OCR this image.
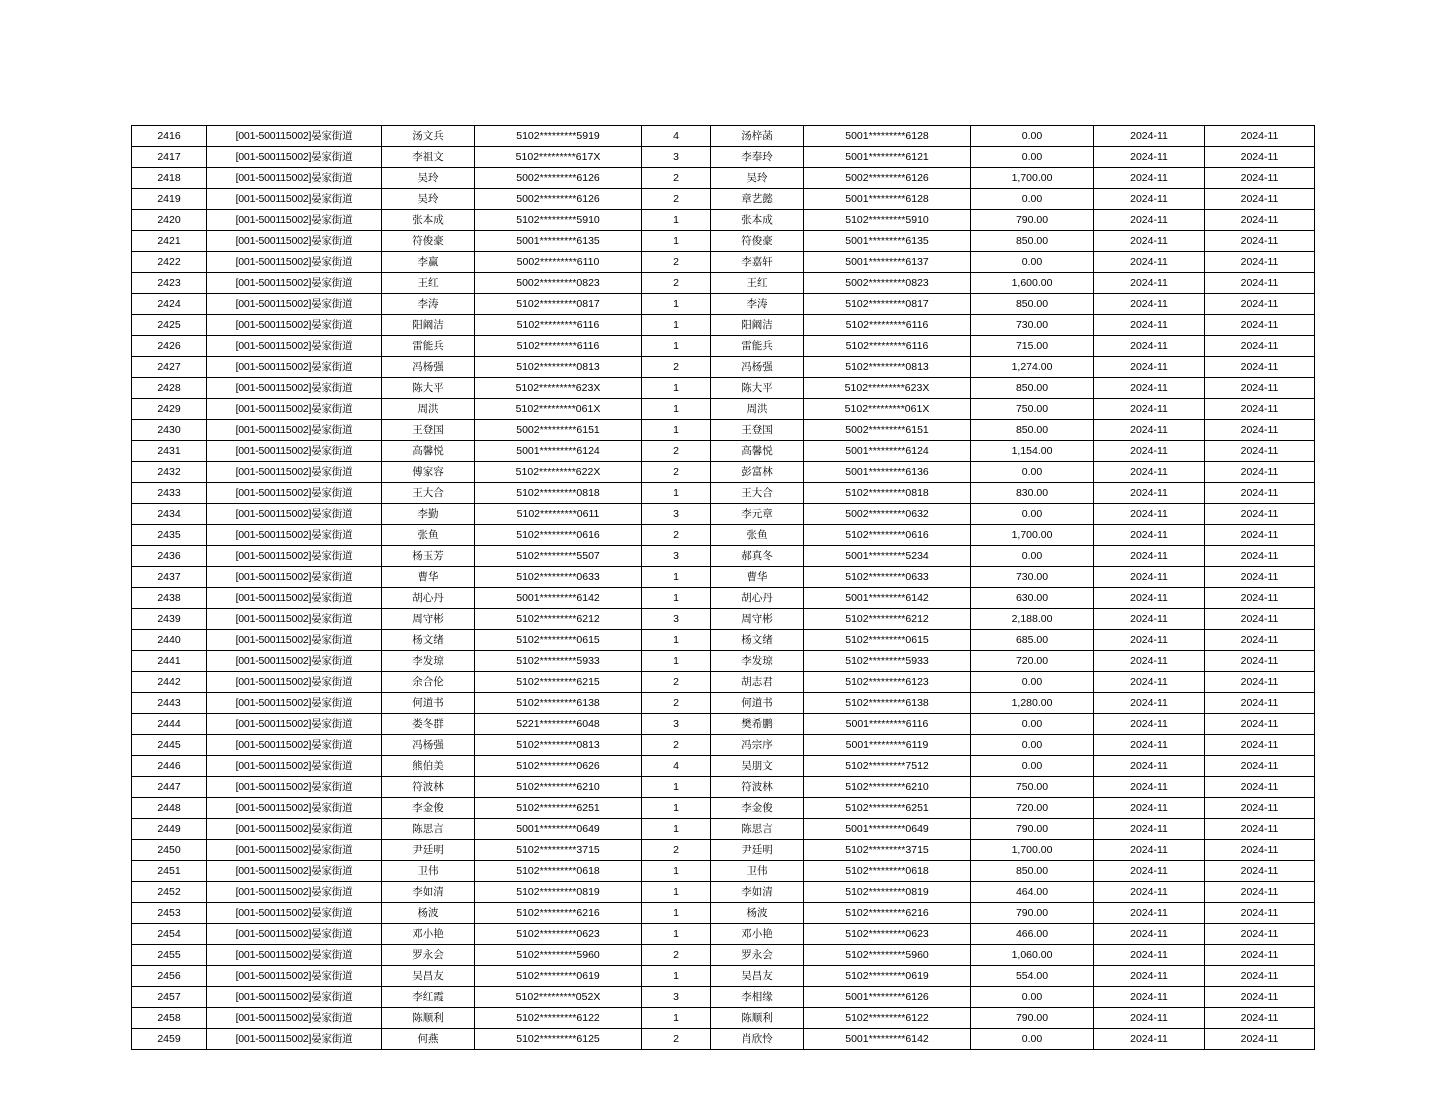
2416	[001-500115002]晏家街道	汤文兵	5102*********5919	4	汤梓菡	5001*********6128	0.00	2024-11	2024-11
2417	[001-500115002]晏家街道	李祖文	5102*********617X	3	李奉玲	5001*********6121	0.00	2024-11	2024-11
2418	[001-500115002]晏家街道	吴玲	5002*********6126	2	吴玲	5002*********6126	1,700.00	2024-11	2024-11
2419	[001-500115002]晏家街道	吴玲	5002*********6126	2	章艺懿	5001*********6128	0.00	2024-11	2024-11
2420	[001-500115002]晏家街道	张本成	5102*********5910	1	张本成	5102*********5910	790.00	2024-11	2024-11
2421	[001-500115002]晏家街道	符俊豪	5001*********6135	1	符俊豪	5001*********6135	850.00	2024-11	2024-11
2422	[001-500115002]晏家街道	李赢	5002*********6110	2	李嘉轩	5001*********6137	0.00	2024-11	2024-11
2423	[001-500115002]晏家街道	王红	5002*********0823	2	王红	5002*********0823	1,600.00	2024-11	2024-11
2424	[001-500115002]晏家街道	李涛	5102*********0817	1	李涛	5102*********0817	850.00	2024-11	2024-11
2425	[001-500115002]晏家街道	阳阚洁	5102*********6116	1	阳阚洁	5102*********6116	730.00	2024-11	2024-11
2426	[001-500115002]晏家街道	雷能兵	5102*********6116	1	雷能兵	5102*********6116	715.00	2024-11	2024-11
2427	[001-500115002]晏家街道	冯杨强	5102*********0813	2	冯杨强	5102*********0813	1,274.00	2024-11	2024-11
2428	[001-500115002]晏家街道	陈大平	5102*********623X	1	陈大平	5102*********623X	850.00	2024-11	2024-11
2429	[001-500115002]晏家街道	周洪	5102*********061X	1	周洪	5102*********061X	750.00	2024-11	2024-11
2430	[001-500115002]晏家街道	王登国	5002*********6151	1	王登国	5002*********6151	850.00	2024-11	2024-11
2431	[001-500115002]晏家街道	高馨悦	5001*********6124	2	高馨悦	5001*********6124	1,154.00	2024-11	2024-11
2432	[001-500115002]晏家街道	傅家容	5102*********622X	2	彭富林	5001*********6136	0.00	2024-11	2024-11
2433	[001-500115002]晏家街道	王大合	5102*********0818	1	王大合	5102*********0818	830.00	2024-11	2024-11
2434	[001-500115002]晏家街道	李勤	5102*********0611	3	李元章	5002*********0632	0.00	2024-11	2024-11
2435	[001-500115002]晏家街道	张鱼	5102*********0616	2	张鱼	5102*********0616	1,700.00	2024-11	2024-11
2436	[001-500115002]晏家街道	杨玉芳	5102*********5507	3	郝真冬	5001*********5234	0.00	2024-11	2024-11
2437	[001-500115002]晏家街道	曹华	5102*********0633	1	曹华	5102*********0633	730.00	2024-11	2024-11
2438	[001-500115002]晏家街道	胡心丹	5001*********6142	1	胡心丹	5001*********6142	630.00	2024-11	2024-11
2439	[001-500115002]晏家街道	周守彬	5102*********6212	3	周守彬	5102*********6212	2,188.00	2024-11	2024-11
2440	[001-500115002]晏家街道	杨文绪	5102*********0615	1	杨文绪	5102*********0615	685.00	2024-11	2024-11
2441	[001-500115002]晏家街道	李发琼	5102*********5933	1	李发琼	5102*********5933	720.00	2024-11	2024-11
2442	[001-500115002]晏家街道	余合伦	5102*********6215	2	胡志君	5102*********6123	0.00	2024-11	2024-11
2443	[001-500115002]晏家街道	何道书	5102*********6138	2	何道书	5102*********6138	1,280.00	2024-11	2024-11
2444	[001-500115002]晏家街道	娄冬群	5221*********6048	3	樊希鹏	5001*********6116	0.00	2024-11	2024-11
2445	[001-500115002]晏家街道	冯杨强	5102*********0813	2	冯宗序	5001*********6119	0.00	2024-11	2024-11
2446	[001-500115002]晏家街道	熊伯美	5102*********0626	4	吴朋文	5102*********7512	0.00	2024-11	2024-11
2447	[001-500115002]晏家街道	符波林	5102*********6210	1	符波林	5102*********6210	750.00	2024-11	2024-11
2448	[001-500115002]晏家街道	李金俊	5102*********6251	1	李金俊	5102*********6251	720.00	2024-11	2024-11
2449	[001-500115002]晏家街道	陈思言	5001*********0649	1	陈思言	5001*********0649	790.00	2024-11	2024-11
2450	[001-500115002]晏家街道	尹廷明	5102*********3715	2	尹廷明	5102*********3715	1,700.00	2024-11	2024-11
2451	[001-500115002]晏家街道	卫伟	5102*********0618	1	卫伟	5102*********0618	850.00	2024-11	2024-11
2452	[001-500115002]晏家街道	李如清	5102*********0819	1	李如清	5102*********0819	464.00	2024-11	2024-11
2453	[001-500115002]晏家街道	杨波	5102*********6216	1	杨波	5102*********6216	790.00	2024-11	2024-11
2454	[001-500115002]晏家街道	邓小艳	5102*********0623	1	邓小艳	5102*********0623	466.00	2024-11	2024-11
2455	[001-500115002]晏家街道	罗永会	5102*********5960	2	罗永会	5102*********5960	1,060.00	2024-11	2024-11
2456	[001-500115002]晏家街道	吴昌友	5102*********0619	1	吴昌友	5102*********0619	554.00	2024-11	2024-11
2457	[001-500115002]晏家街道	李红霞	5102*********052X	3	李相缘	5001*********6126	0.00	2024-11	2024-11
2458	[001-500115002]晏家街道	陈顺利	5102*********6122	1	陈顺利	5102*********6122	790.00	2024-11	2024-11
2459	[001-500115002]晏家街道	何燕	5102*********6125	2	肖欣怜	5001*********6142	0.00	2024-11	2024-11
